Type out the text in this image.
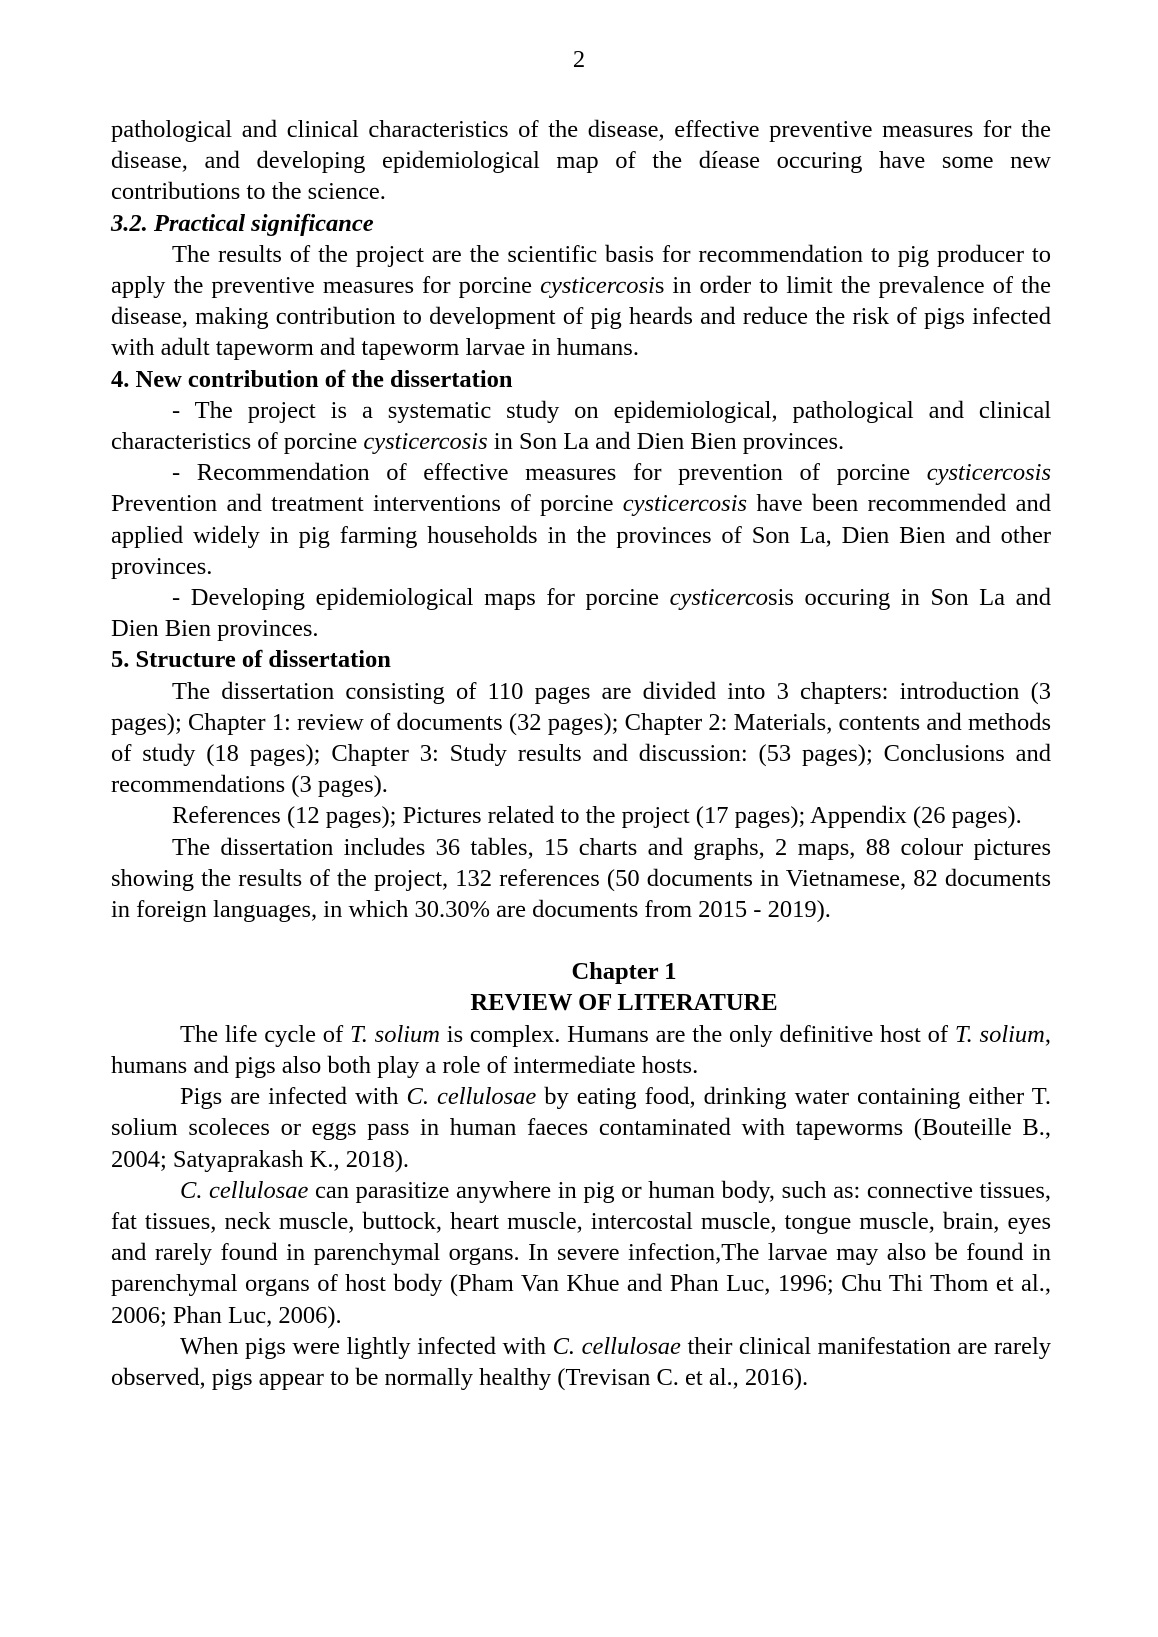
2

pathological and clinical characteristics of the disease, effective preventive measures for the disease, and developing epidemiological map of the díease occuring have some new contributions to the science.

3.2. Practical significance

The results of the project are the scientific basis for recommendation to pig producer to apply the preventive measures for porcine cysticercosis in order to limit the prevalence of the disease, making contribution to development of pig heards and reduce the risk of pigs infected with adult tapeworm and tapeworm larvae in humans.

4. New contribution of the dissertation

- The project is a systematic study on epidemiological, pathological and clinical characteristics of porcine cysticercosis in Son La and Dien Bien provinces.

- Recommendation of effective measures for prevention of porcine cysticercosis Prevention and treatment interventions of porcine cysticercosis have been recommended and applied widely in pig farming households in the provinces of Son La, Dien Bien and other provinces.

- Developing epidemiological maps for porcine cysticercosis occuring in Son La and Dien Bien provinces.

5. Structure of dissertation

The dissertation consisting of 110 pages are divided into 3 chapters: introduction (3 pages); Chapter 1: review of documents (32 pages); Chapter 2: Materials, contents and methods of study (18 pages); Chapter 3: Study results and discussion: (53 pages); Conclusions and recommendations (3 pages).

References (12 pages); Pictures related to the project (17 pages); Appendix (26 pages).

The dissertation includes 36 tables, 15 charts and graphs, 2 maps, 88 colour pictures showing the results of the project, 132 references (50 documents in Vietnamese, 82 documents in foreign languages, in which 30.30% are documents from 2015 - 2019).

Chapter 1
REVIEW OF LITERATURE

The life cycle of T. solium is complex. Humans are the only definitive host of T. solium, humans and pigs also both play a role of intermediate hosts.

Pigs are infected with C. cellulosae by eating food, drinking water containing either T. solium scoleces or eggs pass in human faeces contaminated with tapeworms (Bouteille B., 2004; Satyaprakash K., 2018).

C. cellulosae can parasitize anywhere in pig or human body, such as: connective tissues, fat tissues, neck muscle, buttock, heart muscle, intercostal muscle, tongue muscle, brain, eyes and rarely found in parenchymal organs. In severe infection,The larvae may also be found in parenchymal organs of host body (Pham Van Khue and Phan Luc, 1996; Chu Thi Thom et al., 2006; Phan Luc, 2006).

When pigs were lightly infected with C. cellulosae their clinical manifestation are rarely observed, pigs appear to be normally healthy (Trevisan C. et al., 2016).
